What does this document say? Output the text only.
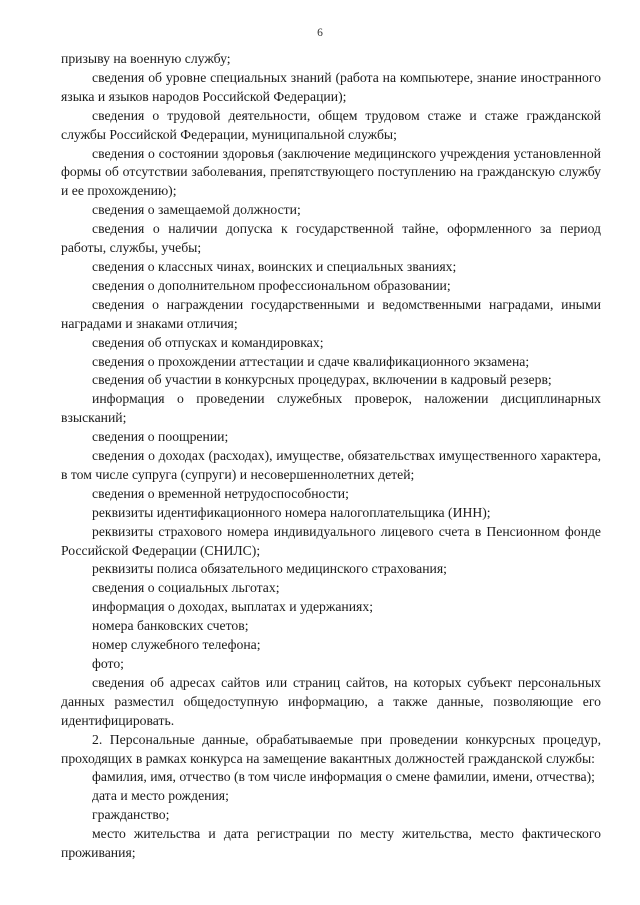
6

призыву на военную службу;

сведения об уровне специальных знаний (работа на компьютере, знание иностранного языка и языков народов Российской Федерации);

сведения о трудовой деятельности, общем трудовом стаже и стаже гражданской службы Российской Федерации, муниципальной службы;

сведения о состоянии здоровья (заключение медицинского учреждения установленной формы об отсутствии заболевания, препятствующего поступлению на гражданскую службу и ее прохождению);

сведения о замещаемой должности;

сведения о наличии допуска к государственной тайне, оформленного за период работы, службы, учебы;

сведения о классных чинах, воинских и специальных званиях;

сведения о дополнительном профессиональном образовании;

сведения о награждении государственными и ведомственными наградами, иными наградами и знаками отличия;

сведения об отпусках и командировках;

сведения о прохождении аттестации и сдаче квалификационного экзамена;

сведения об участии в конкурсных процедурах, включении в кадровый резерв;

информация о проведении служебных проверок, наложении дисциплинарных взысканий;

сведения о поощрении;

сведения о доходах (расходах), имуществе, обязательствах имущественного характера, в том числе супруга (супруги) и несовершеннолетних детей;

сведения о временной нетрудоспособности;

реквизиты идентификационного номера налогоплательщика (ИНН);

реквизиты страхового номера индивидуального лицевого счета в Пенсионном фонде Российской Федерации (СНИЛС);

реквизиты полиса обязательного медицинского страхования;

сведения о социальных льготах;

информация о доходах, выплатах и удержаниях;

номера банковских счетов;

номер служебного телефона;

фото;

сведения об адресах сайтов или страниц сайтов, на которых субъект персональных данных разместил общедоступную информацию, а также данные, позволяющие его идентифицировать.

2. Персональные данные, обрабатываемые при проведении конкурсных процедур, проходящих в рамках конкурса на замещение вакантных должностей гражданской службы:

фамилия, имя, отчество (в том числе информация о смене фамилии, имени, отчества);

дата и место рождения;

гражданство;

место жительства и дата регистрации по месту жительства, место фактического проживания;
